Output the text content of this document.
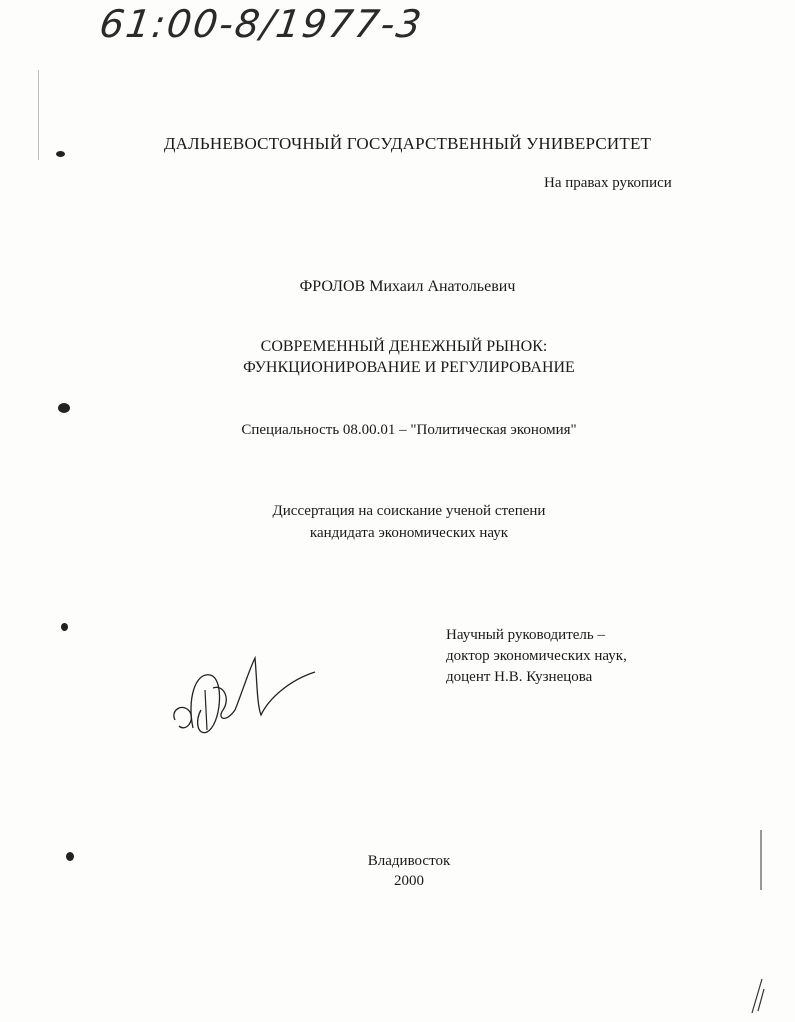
61:00-8/1977-3
ДАЛЬНЕВОСТОЧНЫЙ ГОСУДАРСТВЕННЫЙ УНИВЕРСИТЕТ
На правах рукописи
ФРОЛОВ Михаил Анатольевич
СОВРЕМЕННЫЙ ДЕНЕЖНЫЙ РЫНОК:
ФУНКЦИОНИРОВАНИЕ И РЕГУЛИРОВАНИЕ
Специальность 08.00.01 – "Политическая экономия"
Диссертация на соискание ученой степени
кандидата экономических наук
Научный руководитель –
доктор экономических наук,
доцент Н.В. Кузнецова
Владивосток
2000
